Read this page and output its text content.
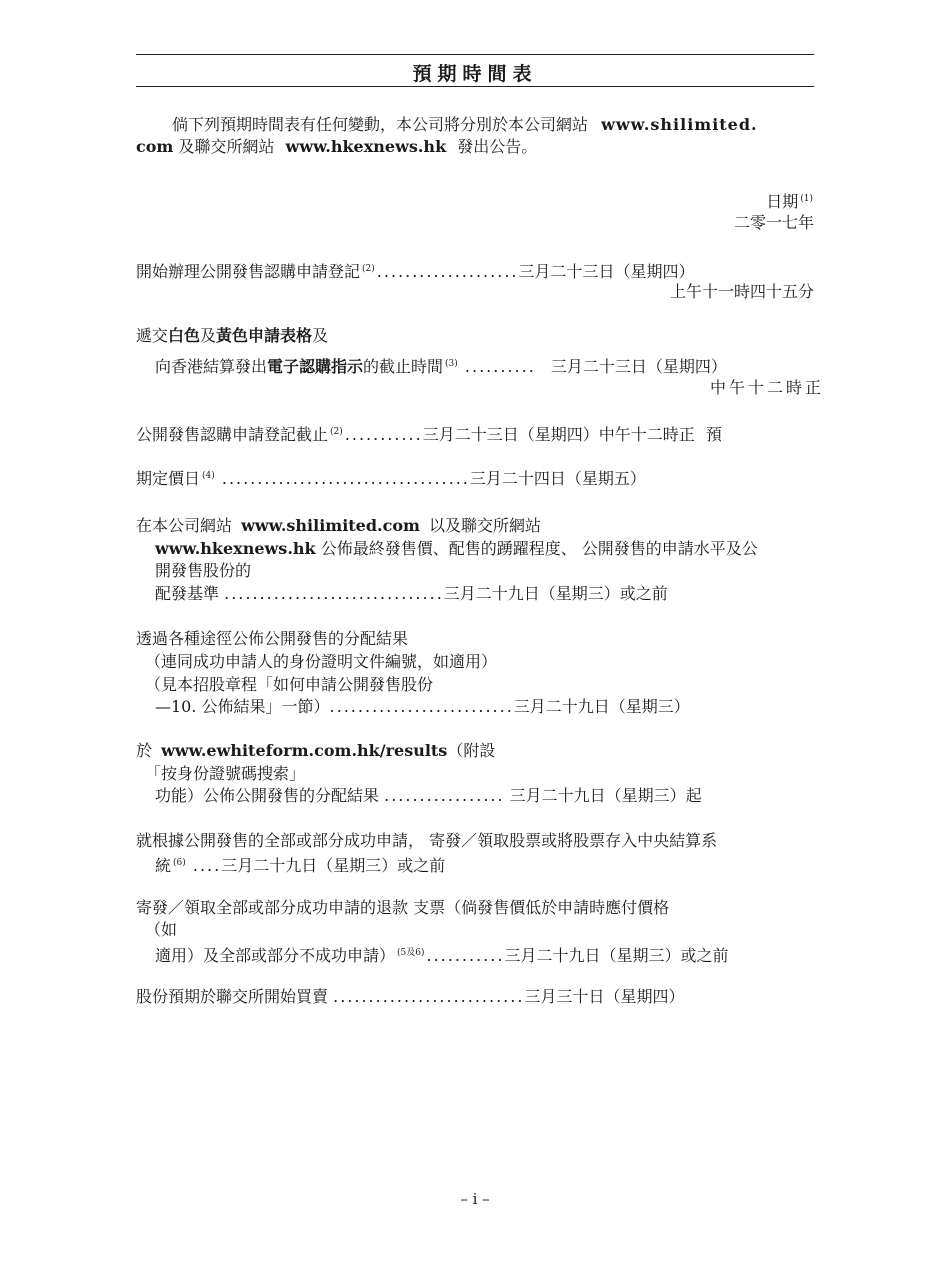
預期時間表
倘下列預期時間表有任何變動，本公司將分別於本公司網站 www.shilimited.
com 及聯交所網站 www.hkexnews.hk 發出公告。
日期 $^{(1)}$
二零一七年
開始辦理公開發售認購申請登記 $^{(2)}$ ....................三月二十三日（星期四）
上午十一時四十五分
遞交白色及黃色申請表格及
向香港結算發出電子認購指示的截止時間 $^{(3)}$ .......... 三月二十三日（星期四）
中午十二時正
公開發售認購申請登記截止 $^{(2)}$ ...........三月二十三日（星期四）中午十二時正 預
期定價日 $^{(4)}$ ...................................三月二十四日（星期五）
在本公司網站 www.shilimited.com 以及聯交所網站
www.hkexnews.hk 公佈最終發售價、配售的踴躍程度、 公開發售的申請水平及公
開發售股份的
配發基準 ...............................三月二十九日（星期三）或之前
透過各種途徑公佈公開發售的分配結果
（連同成功申請人的身份證明文件編號，如適用）
（見本招股章程「如何申請公開發售股份
—10. 公佈結果」一節）..........................三月二十九日（星期三）
於 www.ewhiteform.com.hk/results（附設
「按身份證號碼搜索」
功能）公佈公開發售的分配結果 ................. 三月二十九日（星期三）起
就根據公開發售的全部或部分成功申請， 寄發／領取股票或將股票存入中央結算系
統 $^{(6)}$ ....三月二十九日（星期三）或之前
寄發／領取全部或部分成功申請的退款 支票（倘發售價低於申請時應付價格
（如
適用）及全部或部分不成功申請） $^{(5及6)}$ ...........三月二十九日（星期三）或之前
股份預期於聯交所開始買賣 ...........................三月三十日（星期四）
– i –
